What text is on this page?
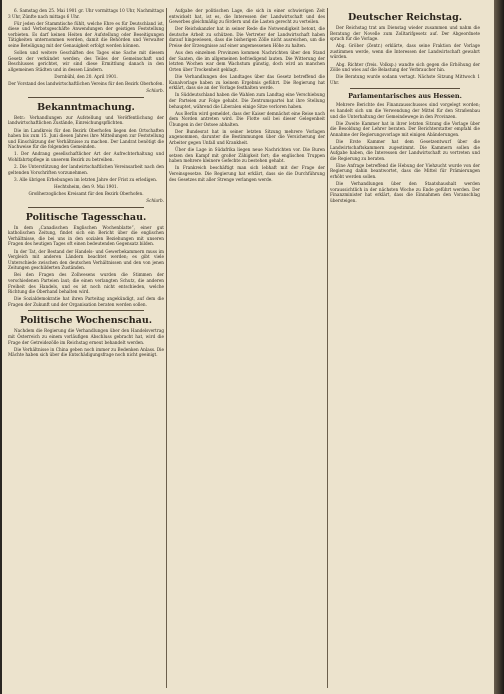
6. Samstag den 25. Mai 1901 gr. Uhr vormittags 10 Uhr, Nachmittags 3 Uhr, Zünfte nach mittags 6 Uhr.

Für jeden der Stammtische fühlt, welche Ehre es für Deutschland ist, diese und Verbotsgeschäfte Anwendungen der geistigen Feststellung verbieten. Es darf keinen Heiten der Aufstellung oder Beseitigungen Tätigkeiten unternommen werden, damit die Behörden und Verwalter seine Beteiligung mit der Genauigkeit erfolgt werden können.

Sollen und weitere Geschäften des Tages eine Sache mit diesem Gesetz der verkündet werden; des Teiles der Gemeinschaft und Beschlusses gerichtet, wir sind diese Ermittlung danach in den allgemeinen Städten und in dessen Ländern.

Dornbühl, den 20. April 1901.

Der Vorstand des landwirtschaftlichen Vereins für den Bezirk Oberhofen.

Schlarb.

Bekanntmachung.

Betr.: Verhandlungen zur Aufstellung und Veröffentlichung der landwirtschaftlichen Zustände, Einreichungspflichten.

Die im Landkreis für den Bezirk Oberhofen liegen den Ortschaften haben bis zum 15. Juni diesen Jahres ihre Mitteilungen zur Feststellung und Einschätzung der Verhältnisse zu machen. Der Landrat benötigt die Nachweise für die folgenden Gemeinden.

1. Der Andrang gesellschaftlicher Art der Aufrechterhaltung und Wohlfahrtspflege in unserem Bezirk zu betreiben.

2. Die Unterstützung der landwirtschaftlichen Vereinsarbeit nach den geltenden Vorschriften vorzunehmen.

3. Alle übrigen Erhebungen im letzten Jahre der Frist zu erledigen.

Hechtsheim, den 9. Mai 1901.

Großherzogliches Kreisamt für den Bezirk Oberhofen.

Schlarb.

Politische Tagesschau.

In dem „Canadischen Englischen Wochenblatte“, einer gut katholischen Zeitung, findet sich ein Bericht über die englischen Verhältnisse, die bei uns in den sozialen Beziehungen mit unseren Fragen des heutigen Tages oft einen bedeutenden Gegensatz bilden.

In der Tat, der Bestand der Handels- und Gewerbekammern muss im Vergleich mit anderen Ländern beachtet werden; es gibt viele Unterschiede zwischen den deutschen Verhältnissen und den von jenen Zeitungen geschilderten Zuständen.

Bei den Fragen des Zollwesens wurden die Stimmen der verschiedenen Parteien laut; die einen verlangten Schutz, die anderen Freiheit des Handels, und es ist noch nicht entschieden, welche Richtung die Oberhand behalten wird.

Die Sozialdemokratie hat ihren Parteitag angekündigt, auf dem die Fragen der Zukunft und der Organisation beraten werden sollen.

Politische Wochenschau.

Nachdem die Regierung die Verhandlungen über den Handelsvertrag mit Österreich zu einem vorläufigen Abschluss gebracht hat, wird die Frage der Getreidezölle im Reichstag erneut behandelt werden.

Die Verhältnisse in China geben noch immer zu Bedenken Anlass. Die Mächte haben sich über die Entschädigungsfrage noch nicht geeinigt.

Aufgabe der politischen Lage, die sich in einer schwierigen Zeit entwickelt hat, ist es, die Interessen der Landwirtschaft und des Gewerbes gleichmäßig zu fördern und die Lasten gerecht zu verteilen.

Der Reichskanzler hat in seiner Rede die Notwendigkeit betont, die deutsche Arbeit zu schützen. Die Vertreter der Landwirtschaft haben darauf hingewiesen, dass die bisherigen Zölle nicht ausreichen, um die Preise der Erzeugnisse auf einer angemessenen Höhe zu halten.

Aus den einzelnen Provinzen kommen Nachrichten über den Stand der Saaten, die im allgemeinen befriedigend lauten. Die Witterung der letzten Wochen war dem Wachstum günstig, doch wird an manchen Orten über Trockenheit geklagt.

Die Verhandlungen des Landtages über das Gesetz betreffend die Kanalvorlage haben zu keinem Ergebnis geführt. Die Regierung hat erklärt, dass sie an der Vorlage festhalten werde.

In Süddeutschland haben die Wahlen zum Landtag eine Verschiebung der Parteien zur Folge gehabt. Die Zentrumspartei hat ihre Stellung behauptet, während die Liberalen einige Sitze verloren haben.

Aus Berlin wird gemeldet, dass der Kaiser demnächst eine Reise nach dem Norden antreten wird. Die Flotte soll bei dieser Gelegenheit Übungen in der Ostsee abhalten.

Der Bundesrat hat in seiner letzten Sitzung mehrere Vorlagen angenommen, darunter die Bestimmungen über die Versicherung der Arbeiter gegen Unfall und Krankheit.

Über die Lage in Südafrika liegen neue Nachrichten vor. Die Buren setzen den Kampf mit großer Zähigkeit fort; die englischen Truppen haben mehrere kleinere Gefechte zu bestehen gehabt.

In Frankreich beschäftigt man sich lebhaft mit der Frage der Vereinsgesetze. Die Regierung hat erklärt, dass sie die Durchführung des Gesetzes mit aller Strenge verlangen werde.

Deutscher Reichstag.

Der Reichstag trat am Dienstag wieder zusammen und nahm die Beratung der Novelle zum Zolltarifgesetz auf. Der Abgeordnete sprach für die Vorlage.

Abg. Gröber (Zentr.) erklärte, dass seine Fraktion der Vorlage zustimmen werde, wenn die Interessen der Landwirtschaft gewahrt würden.

Abg. Richter (freis. Volksp.) wandte sich gegen die Erhöhung der Zölle und wies auf die Belastung der Verbraucher hin.

Die Beratung wurde sodann vertagt. Nächste Sitzung Mittwoch 1 Uhr.

Parlamentarisches aus Hessen.

Mehrere Berichte des Finanzausschusses sind vorgelegt worden; es handelt sich um die Verwendung der Mittel für den Straßenbau und die Unterhaltung der Gemeindewege in den Provinzen.

Die Zweite Kammer hat in ihrer letzten Sitzung die Vorlage über die Besoldung der Lehrer beraten. Der Berichterstatter empfahl die Annahme der Regierungsvorlage mit einigen Abänderungen.

Die Erste Kammer hat dem Gesetzentwurf über die Landwirtschaftskammern zugestimmt. Die Kammern sollen die Aufgabe haben, die Interessen der Landwirtschaft zu vertreten und die Regierung zu beraten.

Eine Anfrage betreffend die Hebung der Viehzucht wurde von der Regierung dahin beantwortet, dass die Mittel für Prämierungen erhöht werden sollen.

Die Verhandlungen über den Staatshaushalt werden voraussichtlich in der nächsten Woche zu Ende geführt werden. Der Finanzminister hat erklärt, dass die Einnahmen den Voranschlag übersteigen.
